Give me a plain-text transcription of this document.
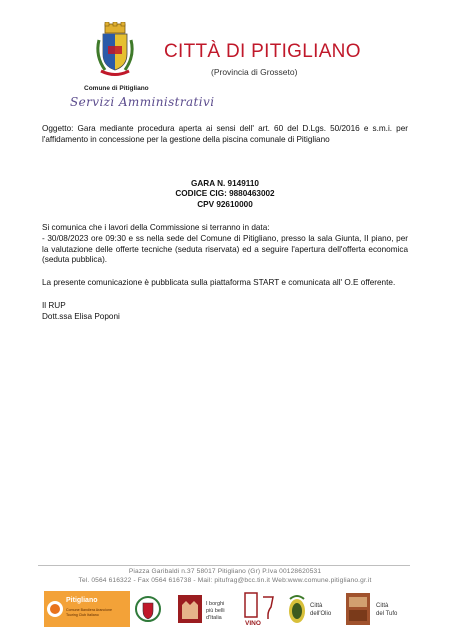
CITTÀ DI PITIGLIANO
(Provincia di Grosseto)
Comune di Pitigliano
Servizi Amministrativi

Oggetto: Gara mediante procedura aperta ai sensi dell' art. 60 del D.Lgs. 50/2016 e s.m.i. per l'affidamento in concessione per la gestione della piscina comunale di Pitigliano

GARA N. 9149110
CODICE CIG: 9880463002
CPV 92610000

Si comunica che i lavori della Commissione si terranno in data:

- 30/08/2023 ore 09:30 e ss nella sede del Comune di Pitigliano, presso la sala Giunta, II piano, per la valutazione delle offerte tecniche (seduta riservata) ed a seguire l'apertura dell'offerta economica (seduta pubblica).

La presente comunicazione è pubblicata sulla piattaforma START e comunicata all' O.E offerente.

Il RUP
Dott.ssa Elisa Poponi
Piazza Garibaldi n.37 58017 Pitigliano (Gr) P.Iva 00128620531
Tel. 0564 616322 - Fax 0564 616738 - Mail: pitufrag@bcc.tin.it Web:www.comune.pitigliano.gr.it
Pitigliano
Comune Bandiera Arancione
Touring Club Italiano
I borghi
più belli
d'Italia
VINO
Città
dell'Olio
Città
del Tufo
